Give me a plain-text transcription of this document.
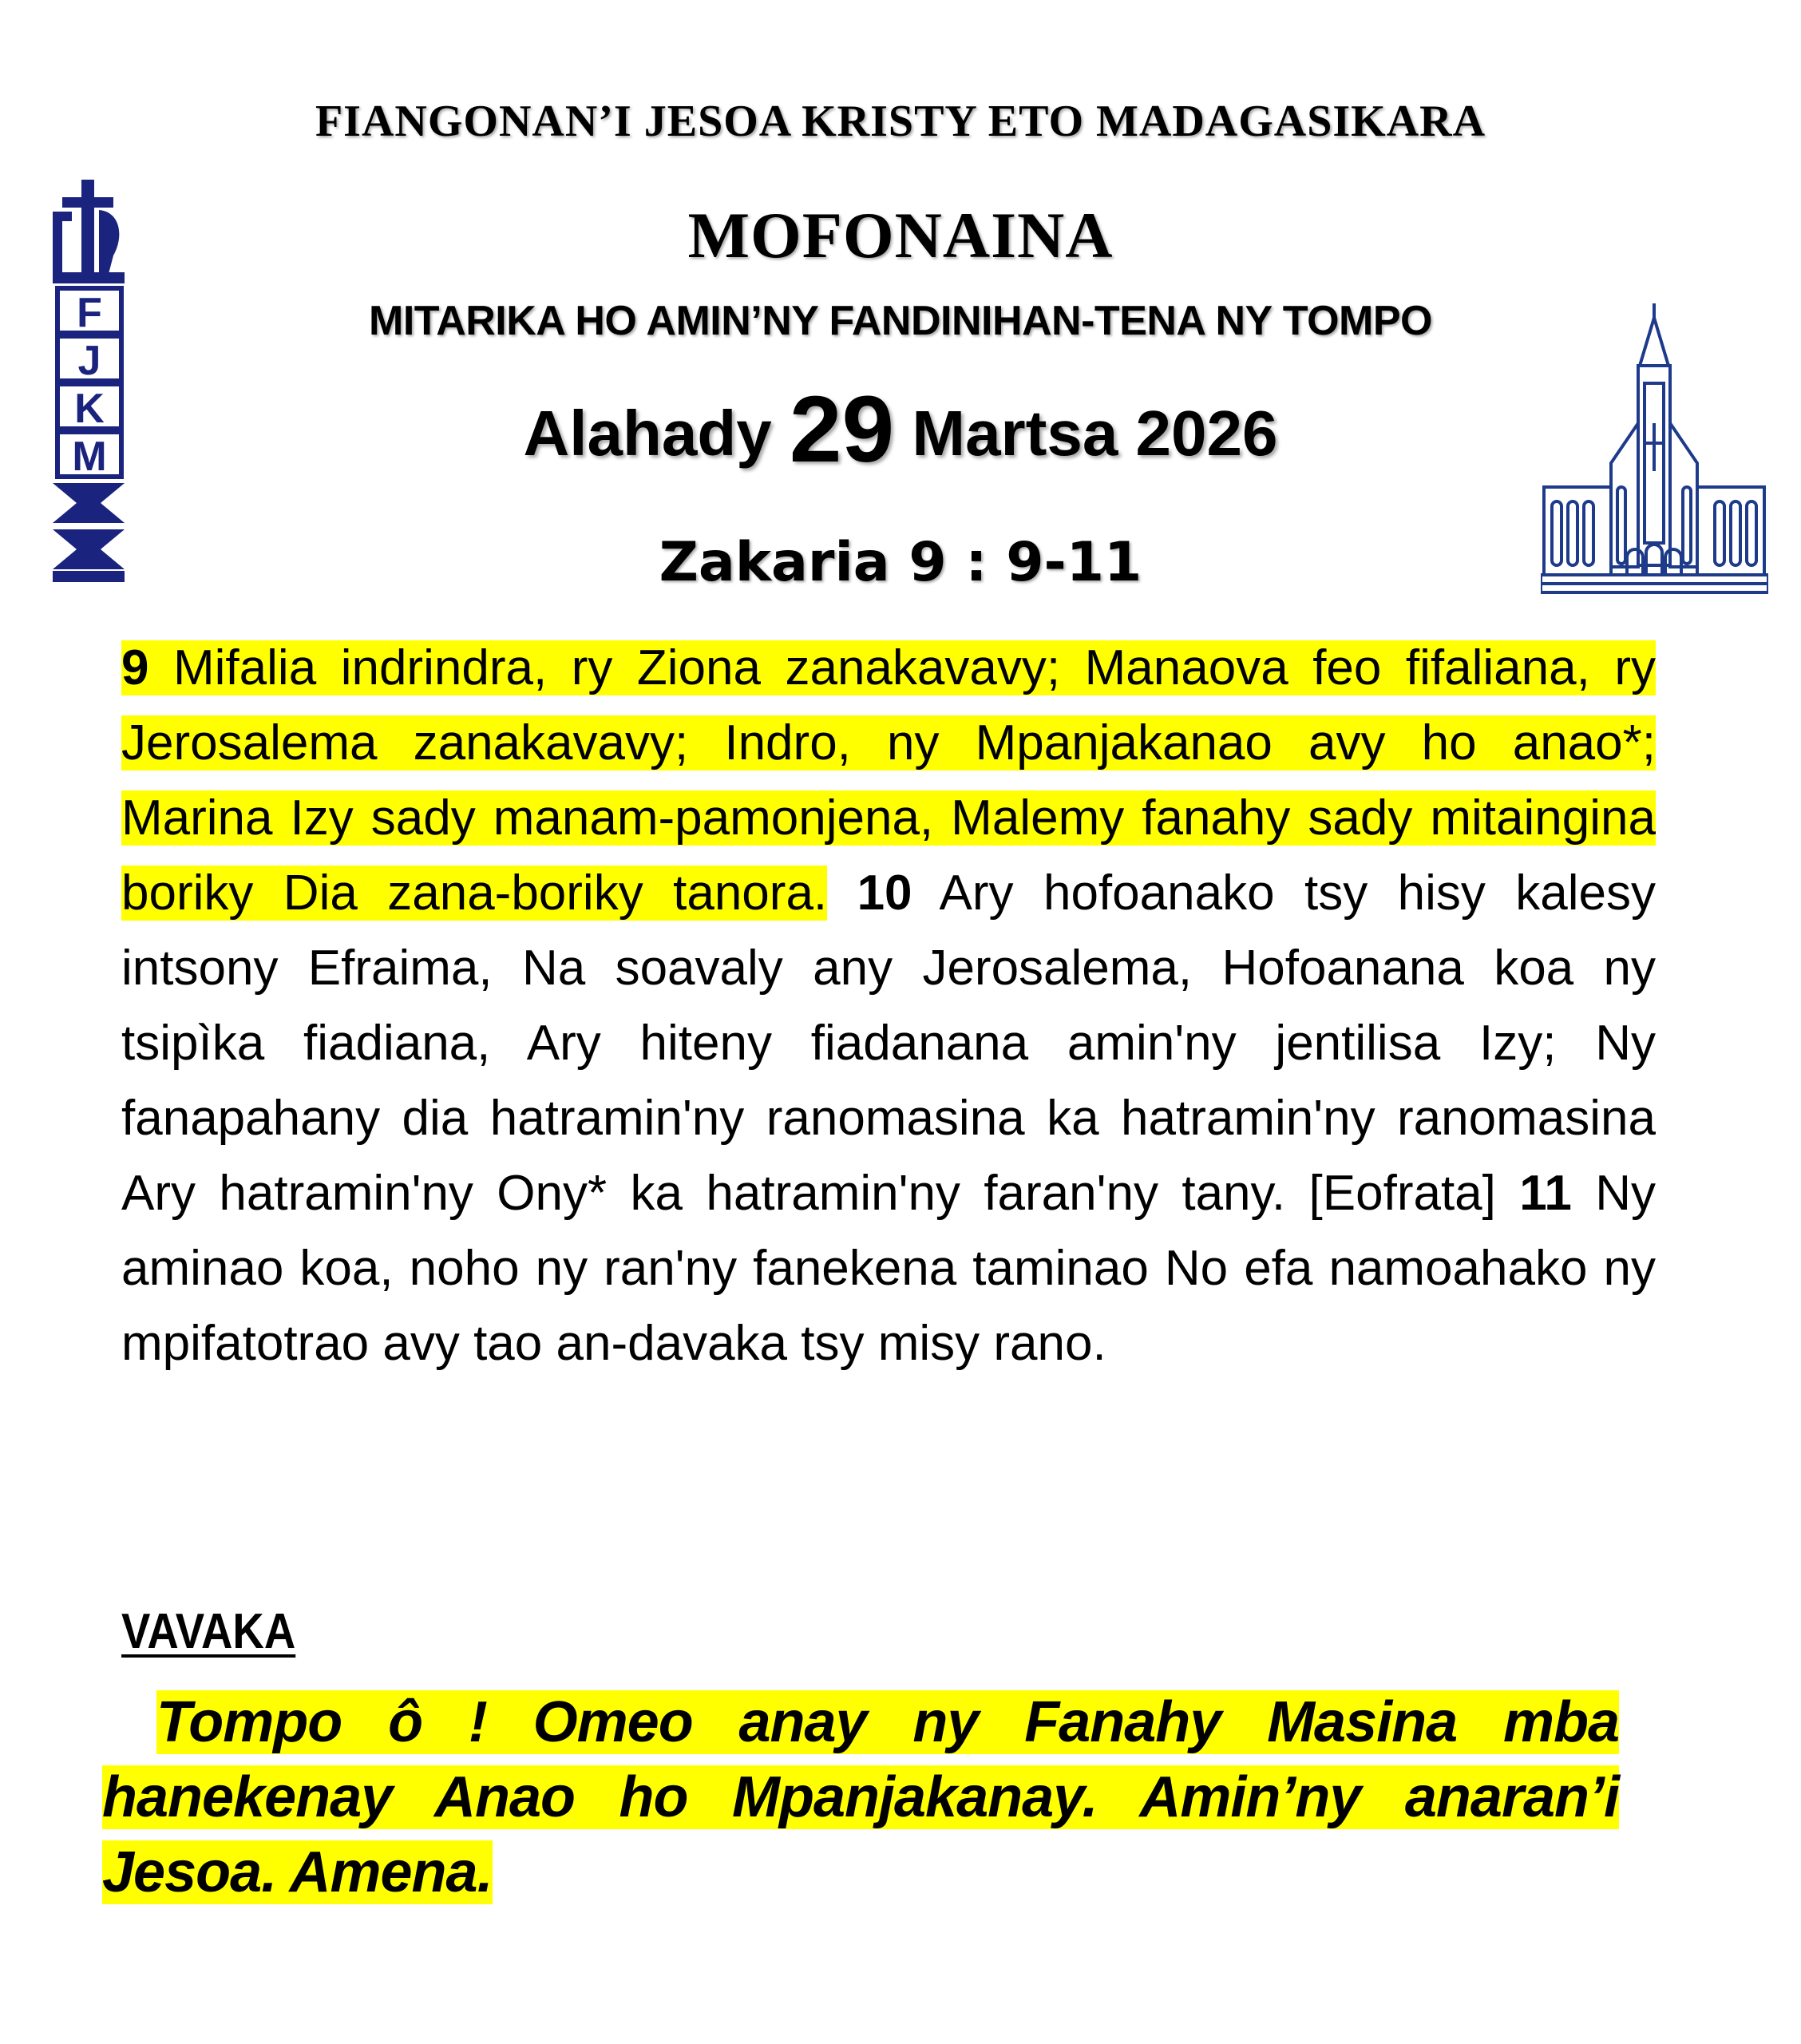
FIANGONAN’I JESOA KRISTY ETO MADAGASIKARA
MOFONAINA
MITARIKA HO AMIN’NY FANDINIHAN-TENA NY TOMPO
Alahady 29 Martsa 2026
Zakaria 9 : 9-11
F
J
K
M
9 Mifalia indrindra, ry Ziona zanakavavy; Manaova feo fifaliana, ry Jerosalema zanakavavy; Indro, ny Mpanjakanao avy ho anao*; Marina Izy sady manam-pamonjena, Malemy fanahy sady mitaingina boriky Dia zana-boriky tanora. 10 Ary hofoanako tsy hisy kalesy intsony Efraima, Na soavaly any Jerosalema, Hofoanana koa ny tsipìka fiadiana, Ary hiteny fiadanana amin'ny jentilisa Izy; Ny fanapahany dia hatramin'ny ranomasina ka hatramin'ny ranomasina Ary hatramin'ny Ony* ka hatramin'ny faran'ny tany. [Eofrata] 11 Ny aminao koa, noho ny ran'ny fanekena taminao No efa namoahako ny mpifatotrao avy tao an-davaka tsy misy rano.
VAVAKA
Tompo ô ! Omeo anay ny Fanahy Masina mba hanekenay Anao ho Mpanjakanay. Amin’ny anaran’i Jesoa. Amena.
